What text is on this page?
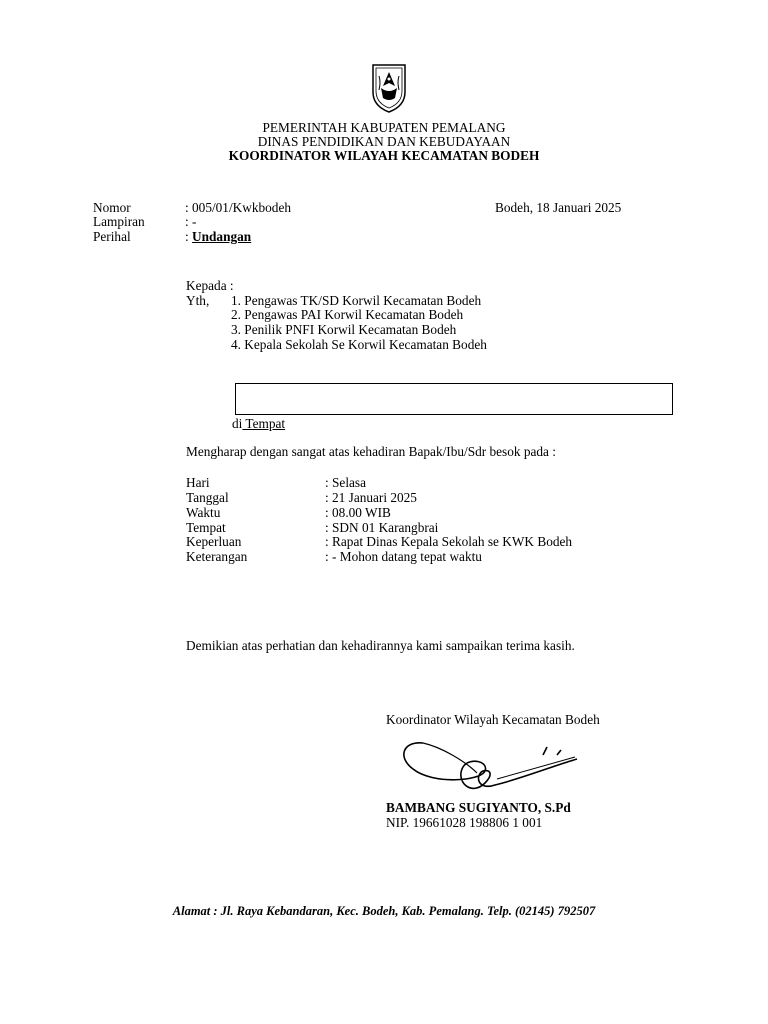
PEMERINTAH KABUPATEN PEMALANG
DINAS PENDIDIKAN DAN KEBUDAYAAN
KOORDINATOR WILAYAH KECAMATAN BODEH
Nomor	: 005/01/Kwkbodeh	Bodeh, 18 Januari 2025
Lampiran	: -
Perihal	: Undangan
Kepada :
Yth, 1. Pengawas TK/SD Korwil Kecamatan Bodeh
2. Pengawas PAI Korwil Kecamatan Bodeh
3. Penilik PNFI Korwil Kecamatan Bodeh
4. Kepala Sekolah Se Korwil Kecamatan Bodeh
di Tempat
Mengharap dengan sangat atas kehadiran Bapak/Ibu/Sdr besok pada :
Hari	: Selasa
Tanggal	: 21 Januari 2025
Waktu	: 08.00 WIB
Tempat	: SDN 01 Karangbrai
Keperluan	: Rapat Dinas Kepala Sekolah se KWK Bodeh
Keterangan	: - Mohon datang tepat waktu
Demikian atas perhatian dan kehadirannya kami sampaikan terima kasih.
Koordinator Wilayah Kecamatan Bodeh
BAMBANG SUGIYANTO, S.Pd
NIP. 19661028 198806 1 001
Alamat : Jl. Raya Kebandaran, Kec. Bodeh, Kab. Pemalang. Telp. (02145) 792507
